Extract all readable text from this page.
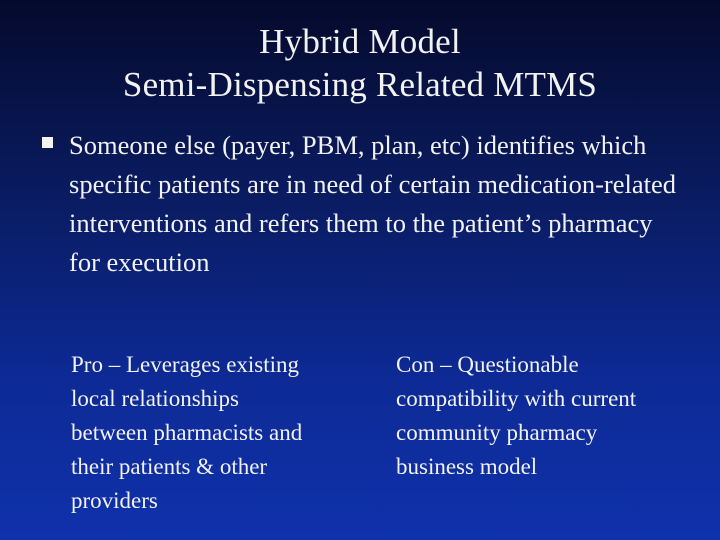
Hybrid Model
Semi-Dispensing Related MTMS
Someone else (payer, PBM, plan, etc) identifies which specific patients are in need of certain medication-related interventions and refers them to the patient’s pharmacy for execution
Pro – Leverages existing
local relationships
between pharmacists and
their patients & other
providers
Con – Questionable
compatibility with current
community pharmacy
business model
